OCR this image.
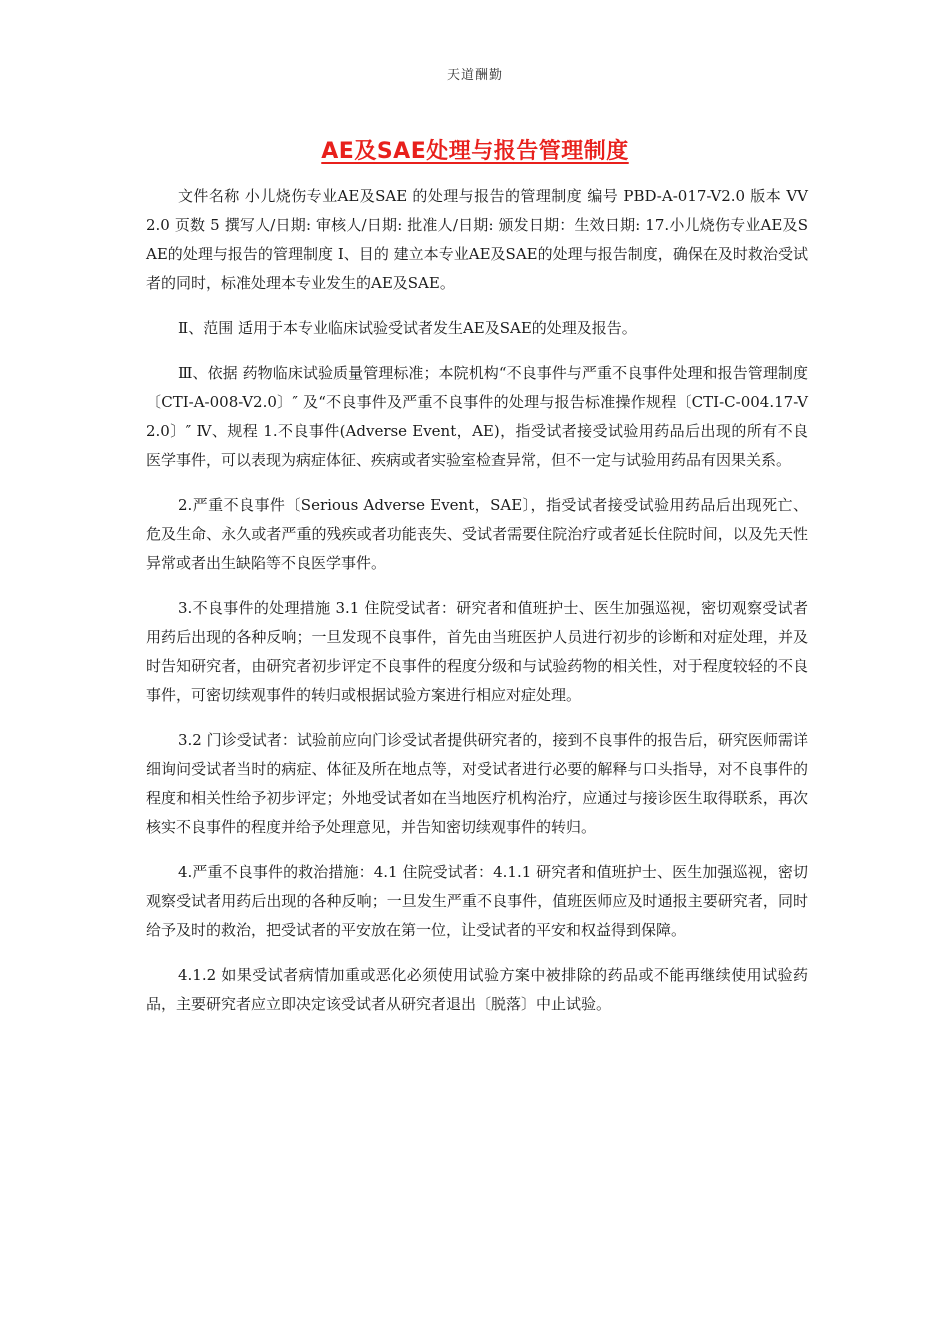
天道酬勤
AE及SAE处理与报告管理制度

文件名称 小儿烧伤专业AE及SAE 的处理与报告的管理制度 编号 PBD-A-017-V2.0 版本 VV2.0 页数 5 撰写人/日期: 审核人/日期: 批准人/日期: 颁发日期：生效日期: 17.小儿烧伤专业AE及SAE的处理与报告的管理制度 Ⅰ、目的 建立本专业AE及SAE的处理与报告制度，确保在及时救治受试者的同时，标准处理本专业发生的AE及SAE。

Ⅱ、范围 适用于本专业临床试验受试者发生AE及SAE的处理及报告。

Ⅲ、依据 药物临床试验质量管理标准；本院机构“不良事件与严重不良事件处理和报告管理制度〔CTI-A-008-V2.0〕″ 及“不良事件及严重不良事件的处理与报告标准操作规程〔CTI-C-004.17-V2.0〕″ Ⅳ、规程 1.不良事件(Adverse Event，AE)，指受试者接受试验用药品后出现的所有不良医学事件，可以表现为病症体征、疾病或者实验室检查异常，但不一定与试验用药品有因果关系。

2.严重不良事件〔Serious Adverse Event，SAE〕，指受试者接受试验用药品后出现死亡、危及生命、永久或者严重的残疾或者功能丧失、受试者需要住院治疗或者延长住院时间，以及先天性异常或者出生缺陷等不良医学事件。

3.不良事件的处理措施 3.1 住院受试者：研究者和值班护士、医生加强巡视，密切观察受试者用药后出现的各种反响；一旦发现不良事件，首先由当班医护人员进行初步的诊断和对症处理，并及时告知研究者，由研究者初步评定不良事件的程度分级和与试验药物的相关性，对于程度较轻的不良事件，可密切续观事件的转归或根据试验方案进行相应对症处理。

3.2 门诊受试者：试验前应向门诊受试者提供研究者的，接到不良事件的报告后，研究医师需详细询问受试者当时的病症、体征及所在地点等，对受试者进行必要的解释与口头指导，对不良事件的程度和相关性给予初步评定；外地受试者如在当地医疗机构治疗，应通过与接诊医生取得联系，再次核实不良事件的程度并给予处理意见，并告知密切续观事件的转归。

4.严重不良事件的救治措施：4.1 住院受试者：4.1.1 研究者和值班护士、医生加强巡视，密切观察受试者用药后出现的各种反响；一旦发生严重不良事件，值班医师应及时通报主要研究者，同时给予及时的救治，把受试者的平安放在第一位，让受试者的平安和权益得到保障。

4.1.2 如果受试者病情加重或恶化必须使用试验方案中被排除的药品或不能再继续使用试验药品，主要研究者应立即决定该受试者从研究者退出〔脱落〕中止试验。
